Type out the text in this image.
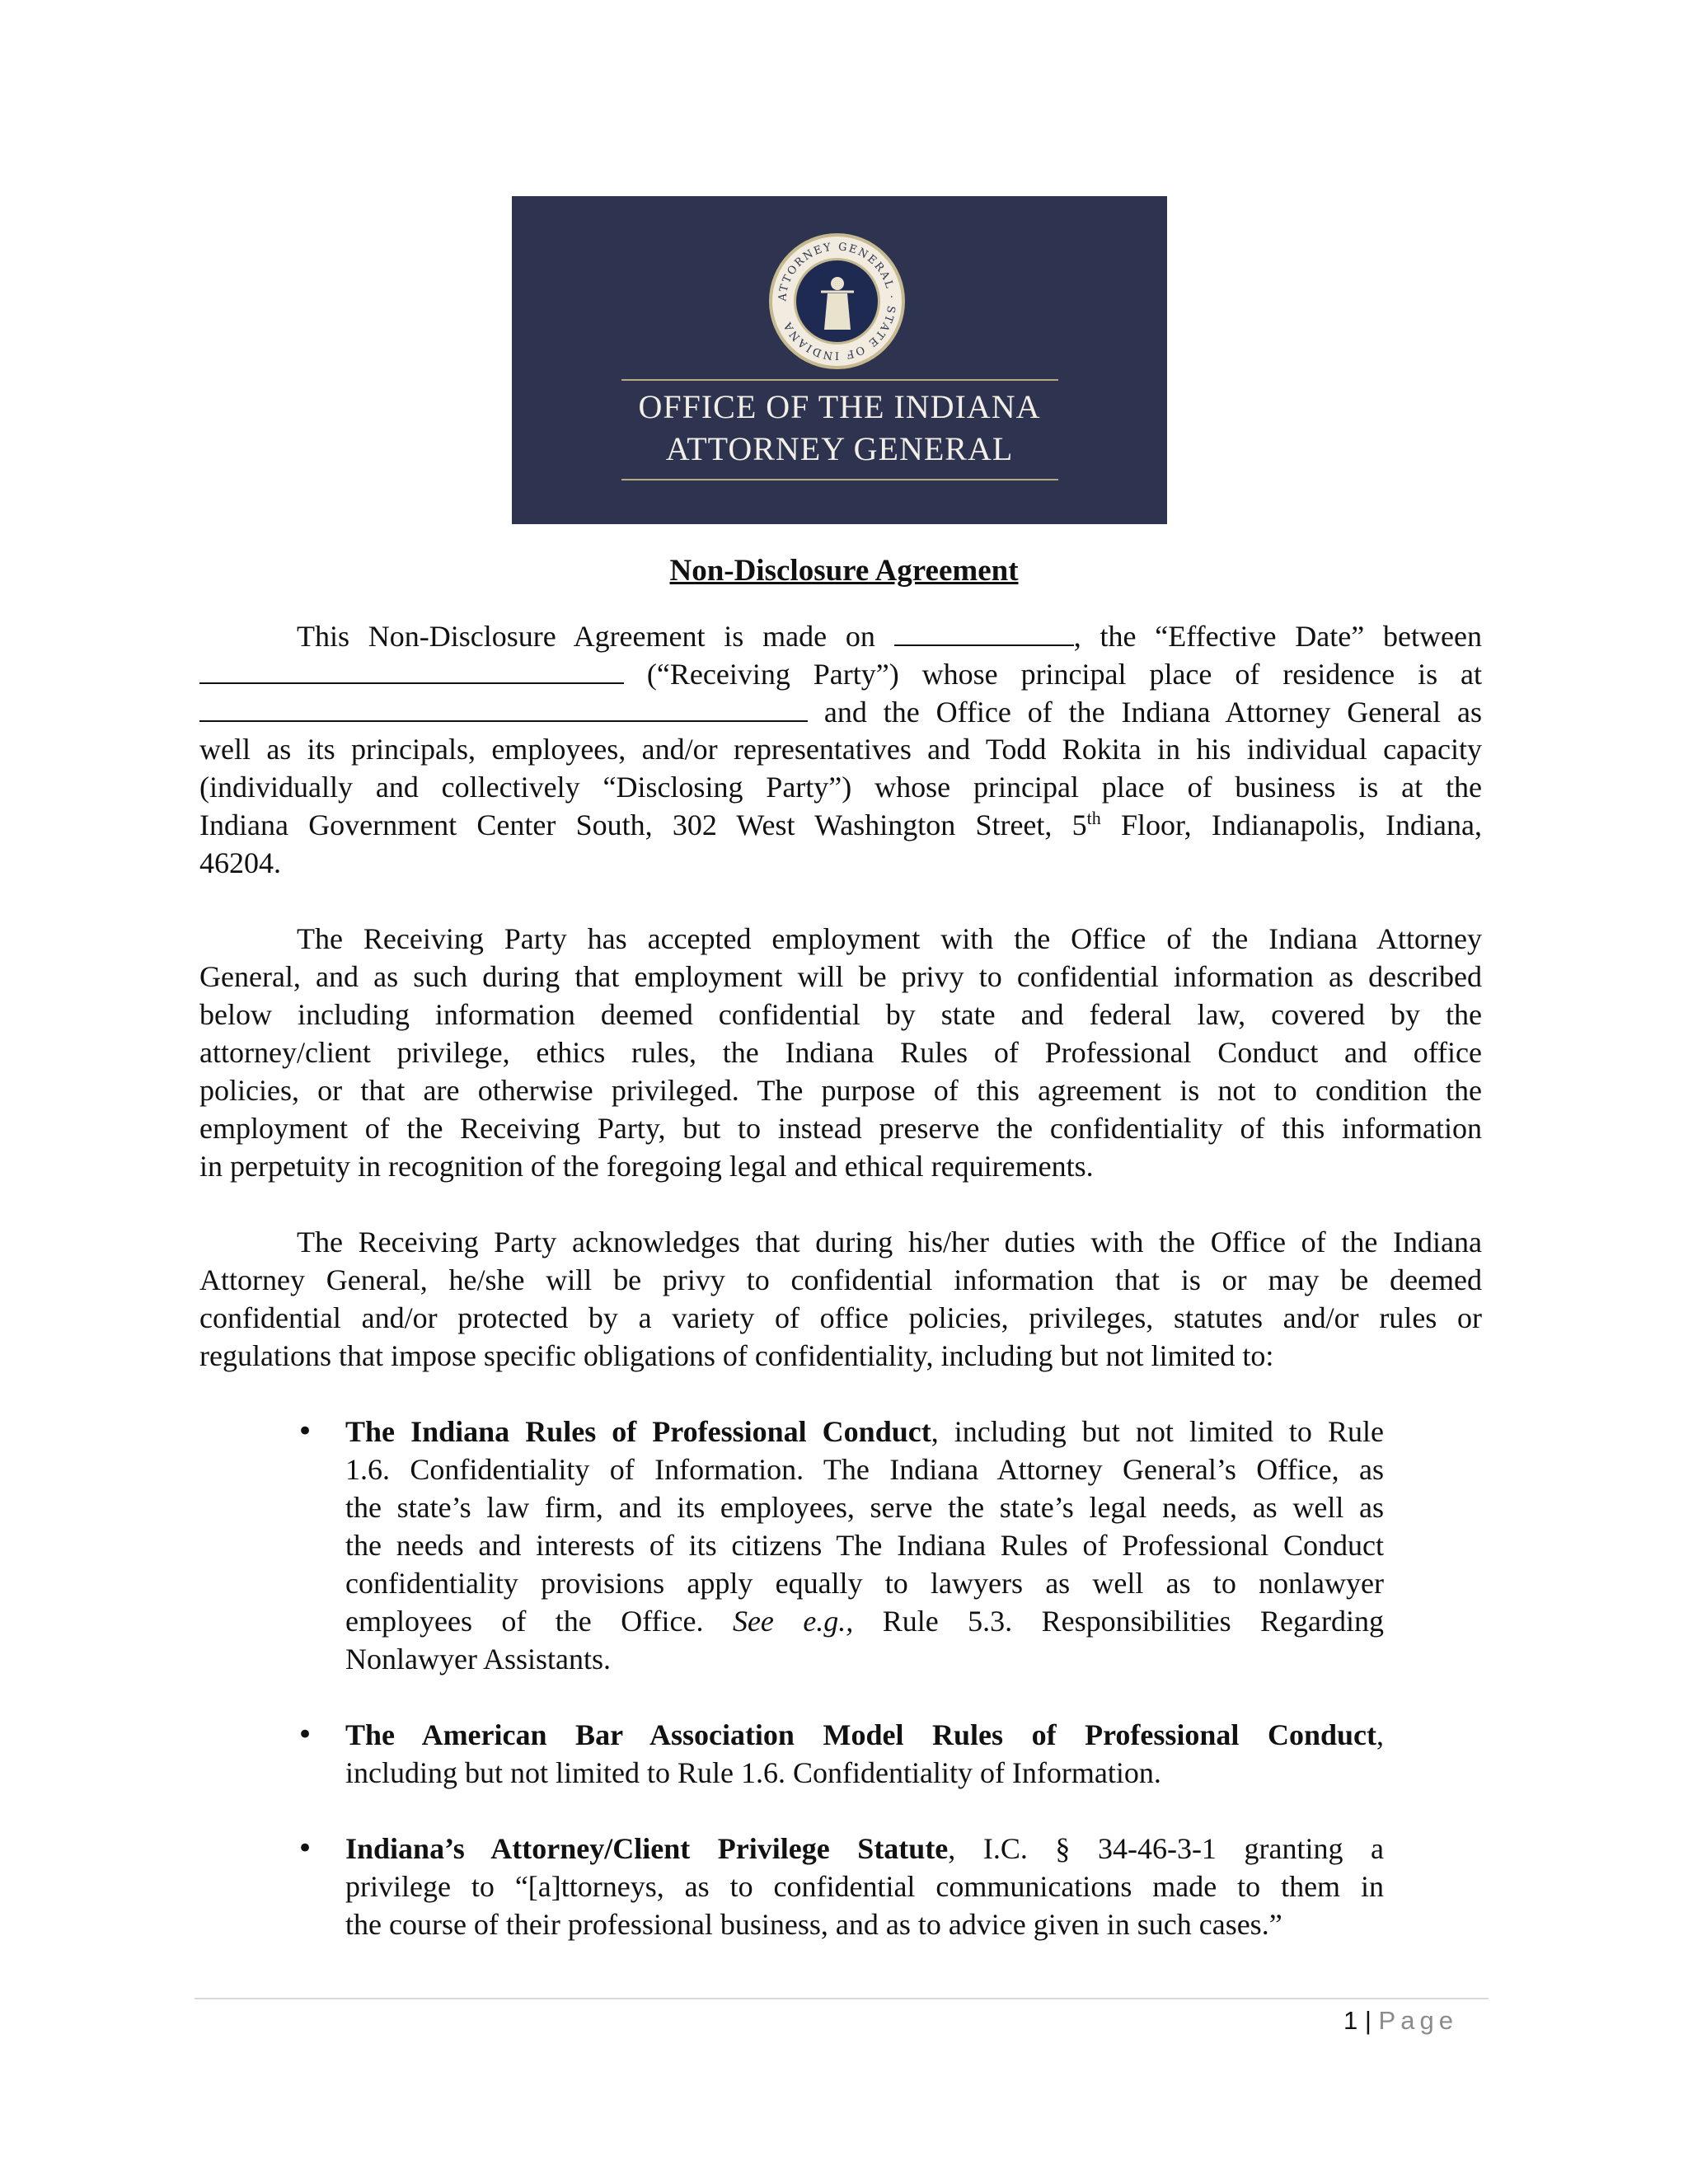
ATTORNEY GENERAL · STATE OF INDIANA
OFFICE OF THE INDIANA
ATTORNEY GENERAL
Non-Disclosure Agreement
This Non-Disclosure Agreement is made on	, the “Effective Date” between
(“Receiving Party”) whose principal place of residence is at
and the Office of the Indiana Attorney General as
well as its principals, employees, and/or representatives and Todd Rokita in his individual capacity
(individually and collectively “Disclosing Party”) whose principal place of business is at the
Indiana Government Center South, 302 West Washington Street, 5th Floor, Indianapolis, Indiana,
46204.
The Receiving Party has accepted employment with the Office of the Indiana Attorney
General, and as such during that employment will be privy to confidential information as described
below including information deemed confidential by state and federal law, covered by the
attorney/client privilege, ethics rules, the Indiana Rules of Professional Conduct and office
policies, or that are otherwise privileged. The purpose of this agreement is not to condition the
employment of the Receiving Party, but to instead preserve the confidentiality of this information
in perpetuity in recognition of the foregoing legal and ethical requirements.
The Receiving Party acknowledges that during his/her duties with the Office of the Indiana
Attorney General, he/she will be privy to confidential information that is or may be deemed
confidential and/or protected by a variety of office policies, privileges, statutes and/or rules or
regulations that impose specific obligations of confidentiality, including but not limited to:
• The Indiana Rules of Professional Conduct, including but not limited to Rule
1.6. Confidentiality of Information. The Indiana Attorney General’s Office, as
the state’s law firm, and its employees, serve the state’s legal needs, as well as
the needs and interests of its citizens The Indiana Rules of Professional Conduct
confidentiality provisions apply equally to lawyers as well as to nonlawyer
employees of the Office. See e.g., Rule 5.3. Responsibilities Regarding
Nonlawyer Assistants.
• The American Bar Association Model Rules of Professional Conduct,
including but not limited to Rule 1.6. Confidentiality of Information.
• Indiana’s Attorney/Client Privilege Statute, I.C. § 34-46-3-1 granting a
privilege to “[a]ttorneys, as to confidential communications made to them in
the course of their professional business, and as to advice given in such cases.”
1 | Page
